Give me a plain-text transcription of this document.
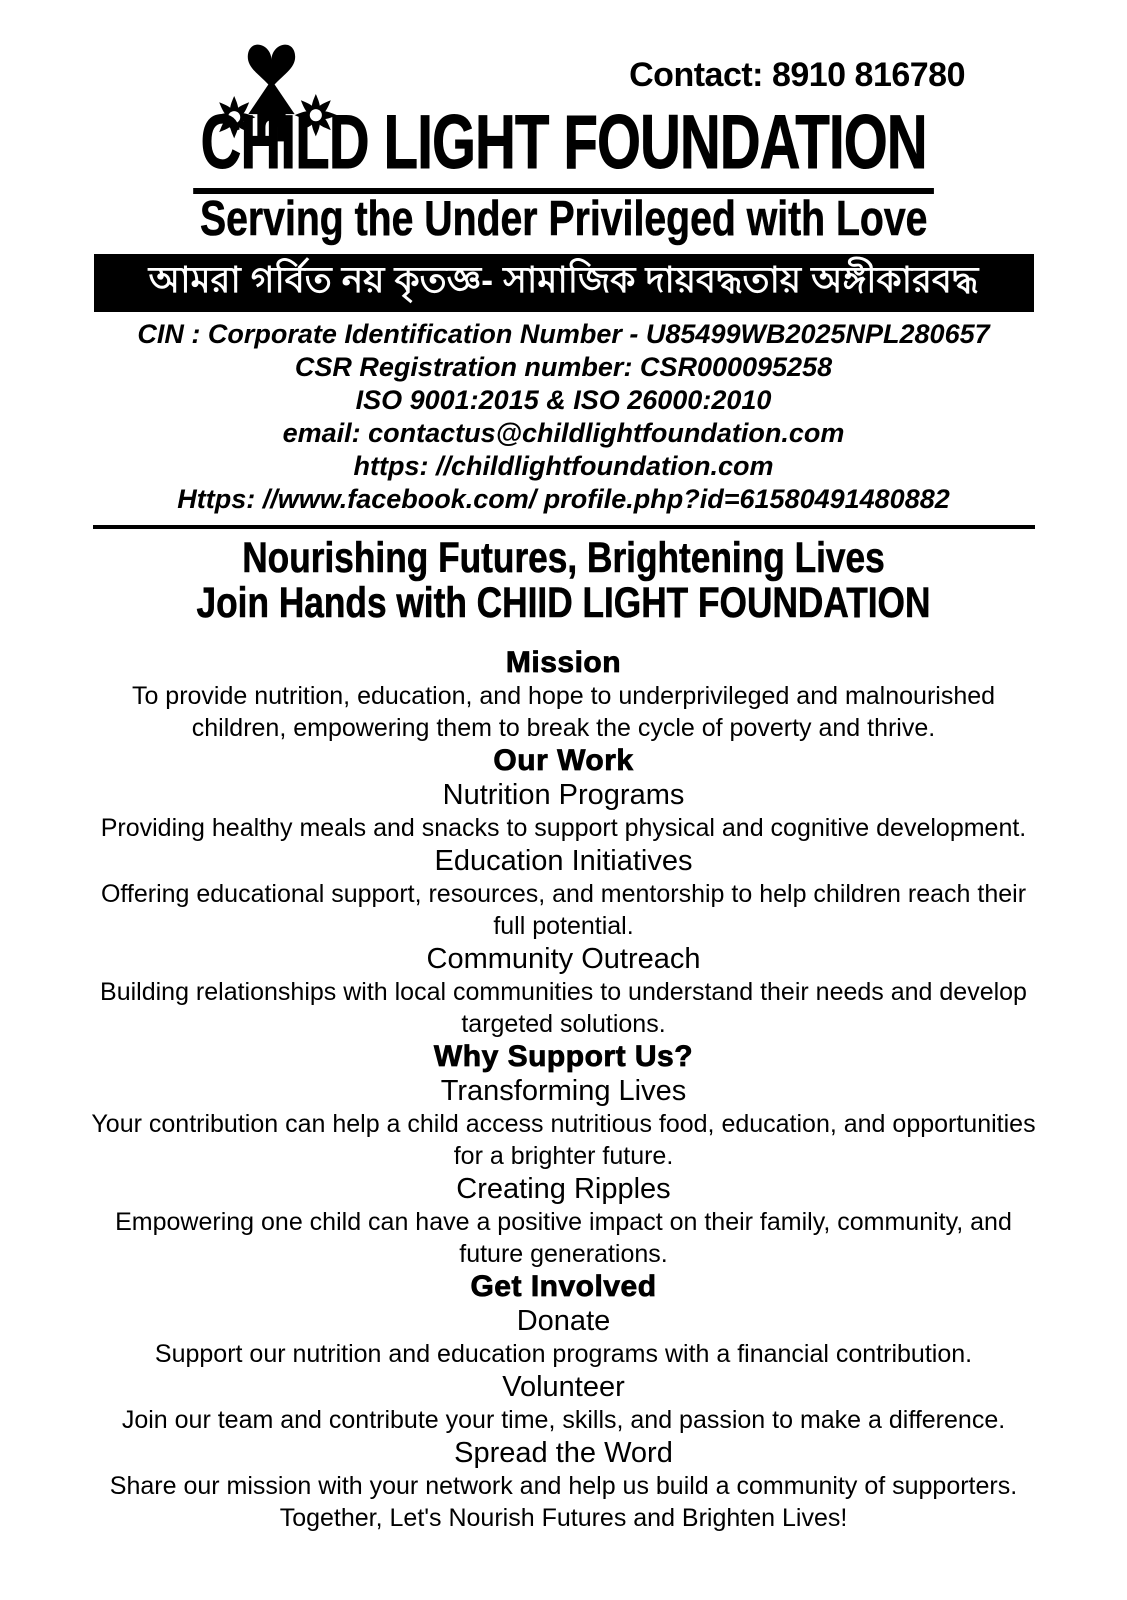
Contact: 8910 816780
CHILD LIGHT FOUNDATION
Serving the Under Privileged with Love
আমরা গর্বিত নয় কৃতজ্ঞ- সামাজিক দায়বদ্ধতায় অঙ্গীকারবদ্ধ
CIN : Corporate Identification Number - U85499WB2025NPL280657
CSR Registration number: CSR000095258
ISO 9001:2015 & ISO 26000:2010
email: contactus@childlightfoundation.com
https: //childlightfoundation.com
Https: //www.facebook.com/ profile.php?id=61580491480882
Nourishing Futures, Brightening Lives
Join Hands with CHIID LIGHT FOUNDATION
Mission
To provide nutrition, education, and hope to underprivileged and malnourished children, empowering them to break the cycle of poverty and thrive.
Our Work
Nutrition Programs
Providing healthy meals and snacks to support physical and cognitive development.
Education Initiatives
Offering educational support, resources, and mentorship to help children reach their full potential.
Community Outreach
Building relationships with local communities to understand their needs and develop targeted solutions.
Why Support Us?
Transforming Lives
Your contribution can help a child access nutritious food, education, and opportunities for a brighter future.
Creating Ripples
Empowering one child can have a positive impact on their family, community, and future generations.
Get Involved
Donate
Support our nutrition and education programs with a financial contribution.
Volunteer
Join our team and contribute your time, skills, and passion to make a difference.
Spread the Word
Share our mission with your network and help us build a community of supporters.
Together, Let's Nourish Futures and Brighten Lives!
